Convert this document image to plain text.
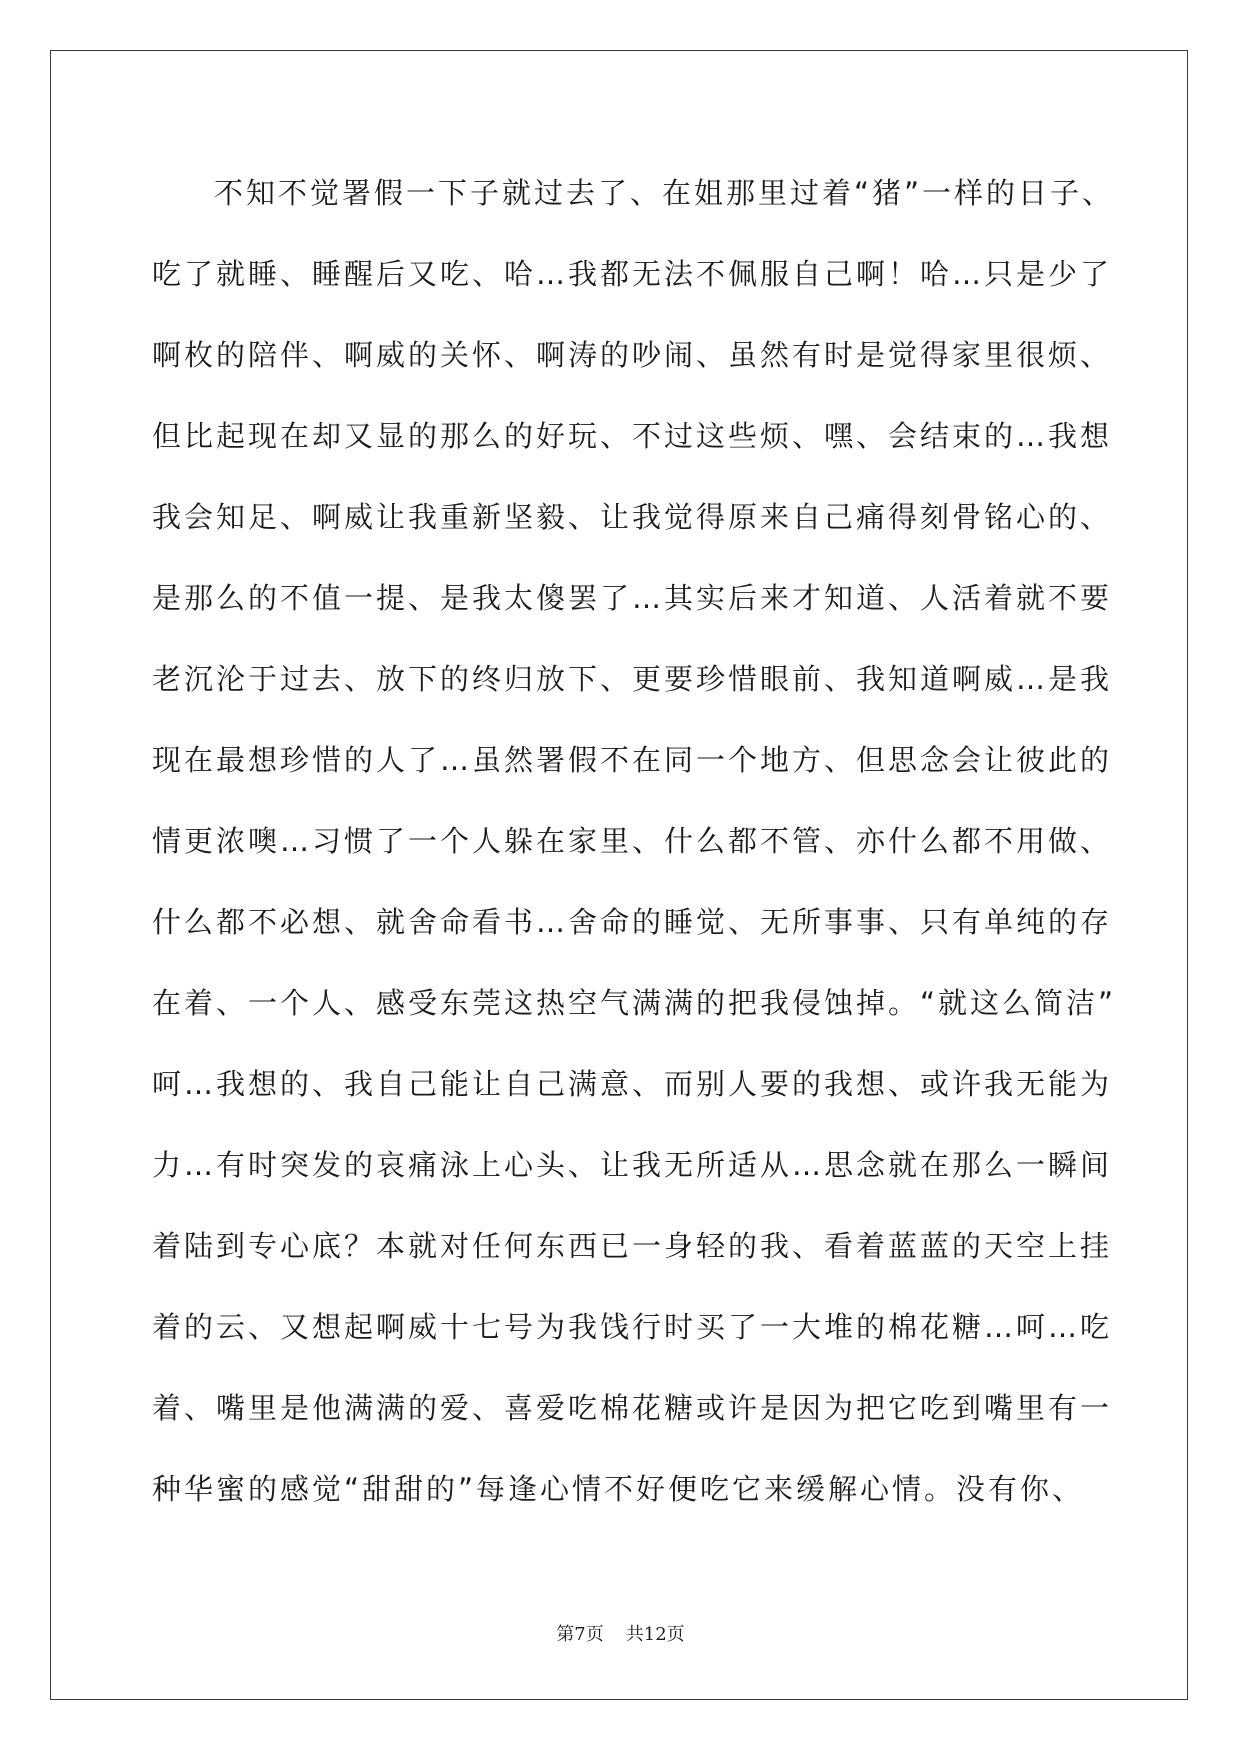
不知不觉署假一下子就过去了、在姐那里过着“猪”一样的日子、
吃了就睡、睡醒后又吃、哈…我都无法不佩服自己啊！哈…只是少了
啊枚的陪伴、啊威的关怀、啊涛的吵闹、虽然有时是觉得家里很烦、
但比起现在却又显的那么的好玩、不过这些烦、嘿、会结束的…我想
我会知足、啊威让我重新坚毅、让我觉得原来自己痛得刻骨铭心的、
是那么的不值一提、是我太傻罢了…其实后来才知道、人活着就不要
老沉沦于过去、放下的终归放下、更要珍惜眼前、我知道啊威…是我
现在最想珍惜的人了…虽然署假不在同一个地方、但思念会让彼此的
情更浓噢…习惯了一个人躲在家里、什么都不管、亦什么都不用做、
什么都不必想、就舍命看书…舍命的睡觉、无所事事、只有单纯的存
在着、一个人、感受东莞这热空气满满的把我侵蚀掉。“就这么简洁”
呵…我想的、我自己能让自己满意、而别人要的我想、或许我无能为
力…有时突发的哀痛泳上心头、让我无所适从…思念就在那么一瞬间
着陆到专心底？本就对任何东西已一身轻的我、看着蓝蓝的天空上挂
着的云、又想起啊威十七号为我饯行时买了一大堆的棉花糖…呵…吃
着、嘴里是他满满的爱、喜爱吃棉花糖或许是因为把它吃到嘴里有一
种华蜜的感觉“甜甜的”每逢心情不好便吃它来缓解心情。没有你、
第7页 共12页
